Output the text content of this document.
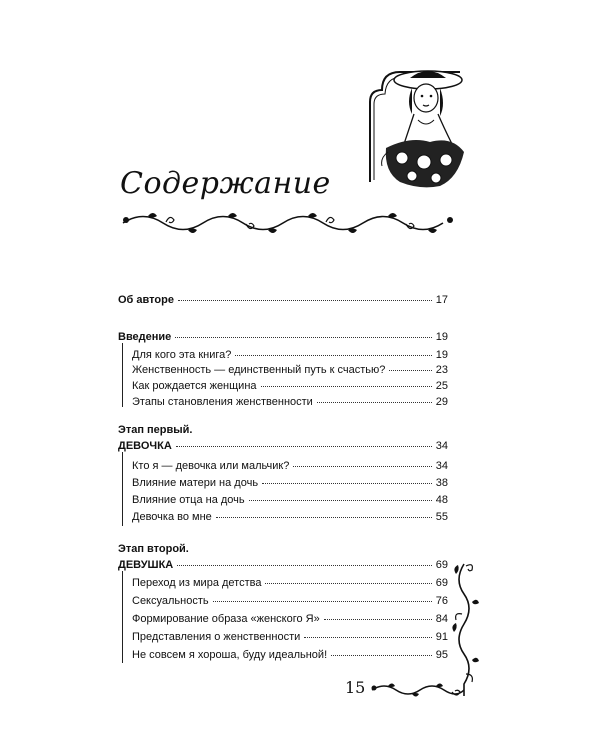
Содержание
Об авторе	17
Введение	19
Для кого эта книга?	19
Женственность — единственный путь к счастью?	23
Как рождается женщина	25
Этапы становления женственности	29
Этап первый.
ДЕВОЧКА	34
Кто я — девочка или мальчик?	34
Влияние матери на дочь	38
Влияние отца на дочь	48
Девочка во мне	55
Этап второй.
ДЕВУШКА	69
Переход из мира детства	69
Сексуальность	76
Формирование образа «женского Я»	84
Представления о женственности	91
Не совсем я хороша, буду идеальной!	95
15
